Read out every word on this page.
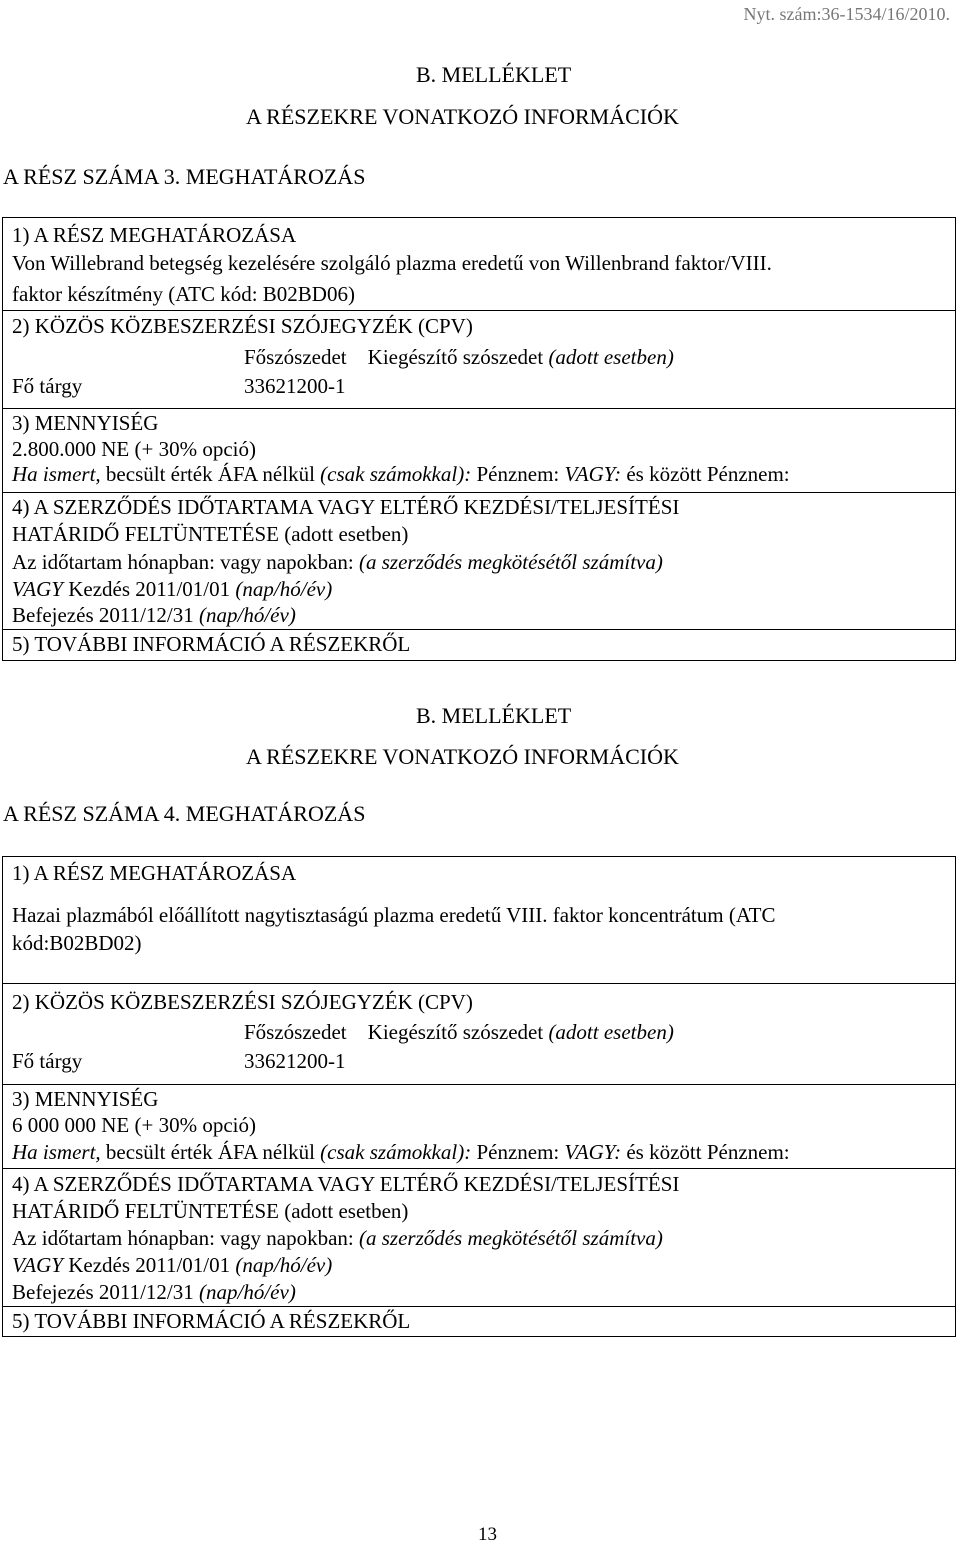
Nyt. szám:36-1534/16/2010.
B. MELLÉKLET
A RÉSZEKRE VONATKOZÓ INFORMÁCIÓK
A RÉSZ SZÁMA 3. MEGHATÁROZÁS
1) A RÉSZ MEGHATÁROZÁSA
Von Willebrand betegség kezelésére szolgáló plazma eredetű von Willenbrand faktor/VIII.
faktor készítmény (ATC kód: B02BD06)
2) KÖZÖS KÖZBESZERZÉSI SZÓJEGYZÉK (CPV)
Főszószedet Kiegészítő szószedet (adott esetben)
Fő tárgy	33621200-1
3) MENNYISÉG
2.800.000 NE (+ 30% opció)
Ha ismert, becsült érték ÁFA nélkül (csak számokkal): Pénznem: VAGY: és között Pénznem:
4) A SZERZŐDÉS IDŐTARTAMA VAGY ELTÉRŐ KEZDÉSI/TELJESÍTÉSI
HATÁRIDŐ FELTÜNTETÉSE (adott esetben)
Az időtartam hónapban: vagy napokban: (a szerződés megkötésétől számítva)
VAGY Kezdés 2011/01/01 (nap/hó/év)
Befejezés 2011/12/31 (nap/hó/év)
5) TOVÁBBI INFORMÁCIÓ A RÉSZEKRŐL
B. MELLÉKLET
A RÉSZEKRE VONATKOZÓ INFORMÁCIÓK
A RÉSZ SZÁMA 4. MEGHATÁROZÁS
1) A RÉSZ MEGHATÁROZÁSA
Hazai plazmából előállított nagytisztaságú plazma eredetű VIII. faktor koncentrátum (ATC
kód:B02BD02)
2) KÖZÖS KÖZBESZERZÉSI SZÓJEGYZÉK (CPV)
Főszószedet Kiegészítő szószedet (adott esetben)
Fő tárgy	33621200-1
3) MENNYISÉG
6 000 000 NE (+ 30% opció)
Ha ismert, becsült érték ÁFA nélkül (csak számokkal): Pénznem: VAGY: és között Pénznem:
4) A SZERZŐDÉS IDŐTARTAMA VAGY ELTÉRŐ KEZDÉSI/TELJESÍTÉSI
HATÁRIDŐ FELTÜNTETÉSE (adott esetben)
Az időtartam hónapban: vagy napokban: (a szerződés megkötésétől számítva)
VAGY Kezdés 2011/01/01 (nap/hó/év)
Befejezés 2011/12/31 (nap/hó/év)
5) TOVÁBBI INFORMÁCIÓ A RÉSZEKRŐL
13
